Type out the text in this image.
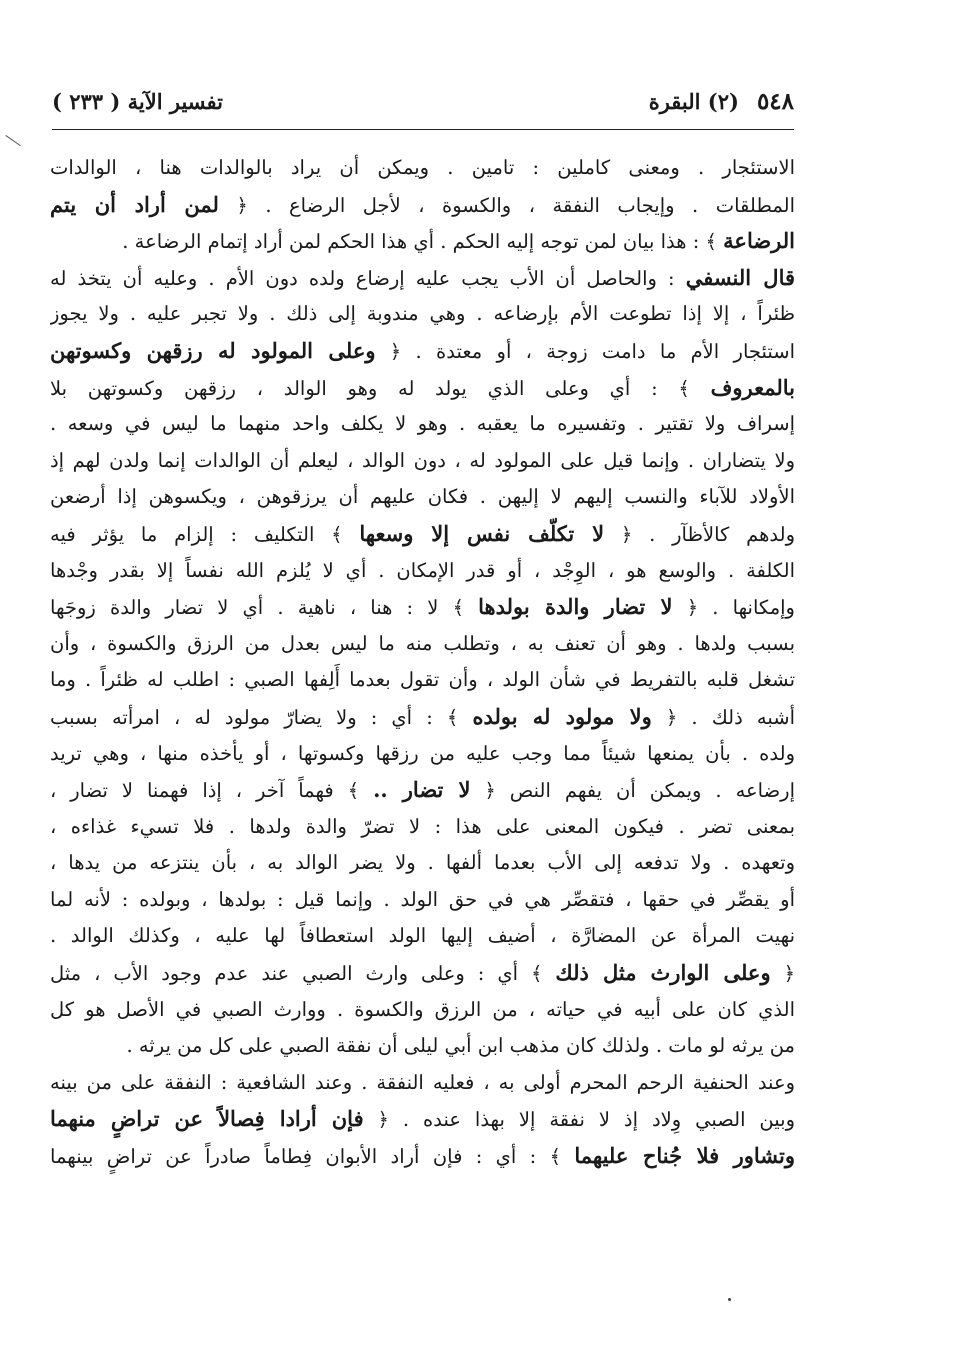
٥٤٨
(٢) البقرة
تفسير الآية ( ٢٣٣ )
الاستئجار . ومعنى كاملين : تامين . ويمكن أن يراد بالوالدات هنا ، الوالدات
المطلقات . وإيجاب النفقة ، والكسوة ، لأجل الرضاع . ﴿ لمن أراد أن يتم
الرضاعة ﴾ : هذا بيان لمن توجه إليه الحكم . أي هذا الحكم لمن أراد إتمام الرضاعة .
قال النسفي : والحاصل أن الأب يجب عليه إرضاع ولده دون الأم . وعليه أن يتخذ له
ظئراً ، إلا إذا تطوعت الأم بإرضاعه . وهي مندوبة إلى ذلك . ولا تجبر عليه . ولا يجوز
استئجار الأم ما دامت زوجة ، أو معتدة . ﴿ وعلى المولود له رزقهن وكسوتهن
بالمعروف ﴾ : أي وعلى الذي يولد له وهو الوالد ، رزقهن وكسوتهن بلا
إسراف ولا تقتير . وتفسيره ما يعقبه . وهو لا يكلف واحد منهما ما ليس في وسعه .
ولا يتضاران . وإنما قيل على المولود له ، دون الوالد ، ليعلم أن الوالدات إنما ولدن لهم إذ
الأولاد للآباء والنسب إليهم لا إليهن . فكان عليهم أن يرزقوهن ، ويكسوهن إذا أرضعن
ولدهم كالأظآر . ﴿ لا تكلّف نفس إلا وسعها ﴾ التكليف : إلزام ما يؤثر فيه
الكلفة . والوسع هو ، الوِجْد ، أو قدر الإمكان . أي لا يُلزم الله نفساً إلا بقدر وجْدها
وإمكانها . ﴿ لا تضار والدة بولدها ﴾ لا : هنا ، ناهية . أي لا تضار والدة زوجَها
بسبب ولدها . وهو أن تعنف به ، وتطلب منه ما ليس بعدل من الرزق والكسوة ، وأن
تشغل قلبه بالتفريط في شأن الولد ، وأن تقول بعدما أَلِفها الصبي : اطلب له ظئراً . وما
أشبه ذلك . ﴿ ولا مولود له بولده ﴾ : أي : ولا يضارّ مولود له ، امرأته بسبب
ولده . بأن يمنعها شيئاً مما وجب عليه من رزقها وكسوتها ، أو يأخذه منها ، وهي تريد
إرضاعه . ويمكن أن يفهم النص ﴿ لا تضار .. ﴾ فهماً آخر ، إذا فهمنا لا تضار ،
بمعنى تضر . فيكون المعنى على هذا : لا تضرّ والدة ولدها . فلا تسيء غذاءه ،
وتعهده . ولا تدفعه إلى الأب بعدما ألفها . ولا يضر الوالد به ، بأن ينتزعه من يدها ،
أو يقصِّر في حقها ، فتقصِّر هي في حق الولد . وإنما قيل : بولدها ، وبولده : لأنه لما
نهيت المرأة عن المضارَّة ، أضيف إليها الولد استعطافاً لها عليه ، وكذلك الوالد .
﴿ وعلى الوارث مثل ذلك ﴾ أي : وعلى وارث الصبي عند عدم وجود الأب ، مثل
الذي كان على أبيه في حياته ، من الرزق والكسوة . ووارث الصبي في الأصل هو كل
من يرثه لو مات . ولذلك كان مذهب ابن أبي ليلى أن نفقة الصبي على كل من يرثه .
وعند الحنفية الرحم المحرم أولى به ، فعليه النفقة . وعند الشافعية : النفقة على من بينه
وبين الصبي وِلاد إذ لا نفقة إلا بهذا عنده . ﴿ فإن أرادا فِصالاً عن تراضٍ منهما
وتشاور فلا جُناح عليهما ﴾ : أي : فإن أراد الأبوان فِطاماً صادراً عن تراضٍ بينهما
